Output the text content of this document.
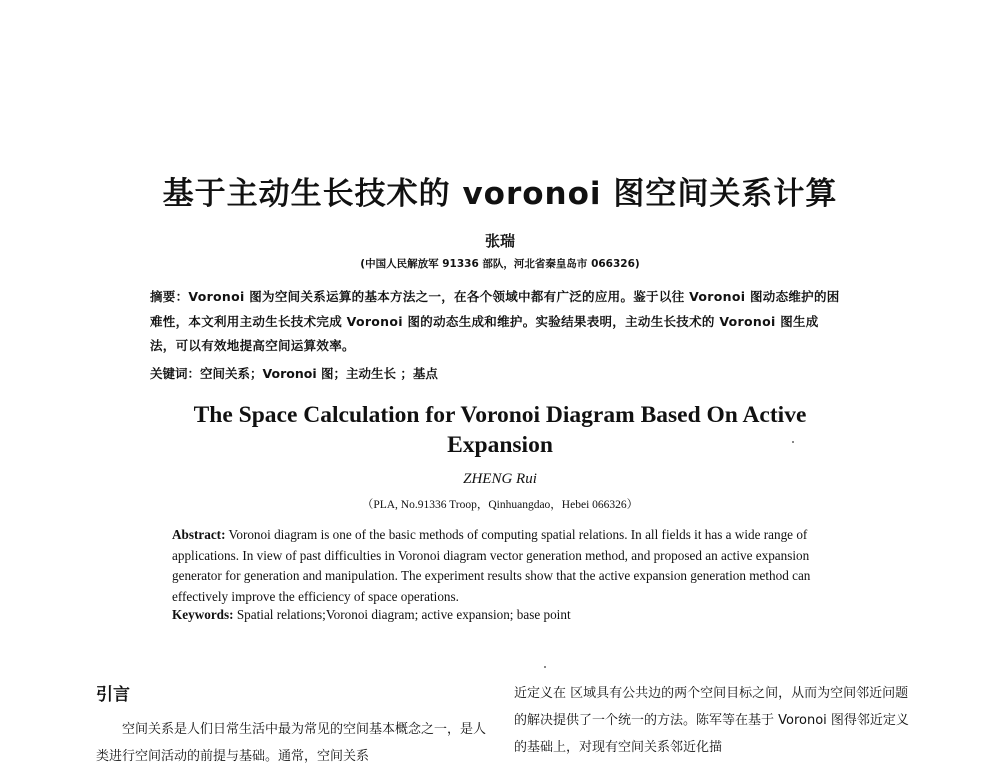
基于主动生长技术的 voronoi 图空间关系计算
张瑞
(中国人民解放军 91336 部队，河北省秦皇岛市 066326)
摘要：Voronoi 图为空间关系运算的基本方法之一，在各个领域中都有广泛的应用。鉴于以往 Voronoi 图动态维护的困难性，本文利用主动生长技术完成 Voronoi 图的动态生成和维护。实验结果表明，主动生长技术的 Voronoi 图生成法，可以有效地提高空间运算效率。
关键词：空间关系；Voronoi 图；主动生长 ；基点
The Space Calculation for Voronoi Diagram Based On Active
Expansion
ZHENG Rui
（PLA, No.91336 Troop，Qinhuangdao，Hebei 066326）
Abstract: Voronoi diagram is one of the basic methods of computing spatial relations. In all fields it has a wide range of applications. In view of past difficulties in Voronoi diagram vector generation method, and proposed an active expansion generator for generation and manipulation. The experiment results show that the active expansion generation method can effectively improve the efficiency of space operations.
Keywords: Spatial relations;Voronoi diagram; active expansion; base point
引言

空间关系是人们日常生活中最为常见的空间基本概念之一，是人类进行空间活动的前提与基础。通常，空间关系

近定义在 区域具有公共边的两个空间目标之间，从而为空间邻近问题的解决提供了一个统一的方法。陈军等在基于 Voronoi 图得邻近定义的基础上，对现有空间关系邻近化描
